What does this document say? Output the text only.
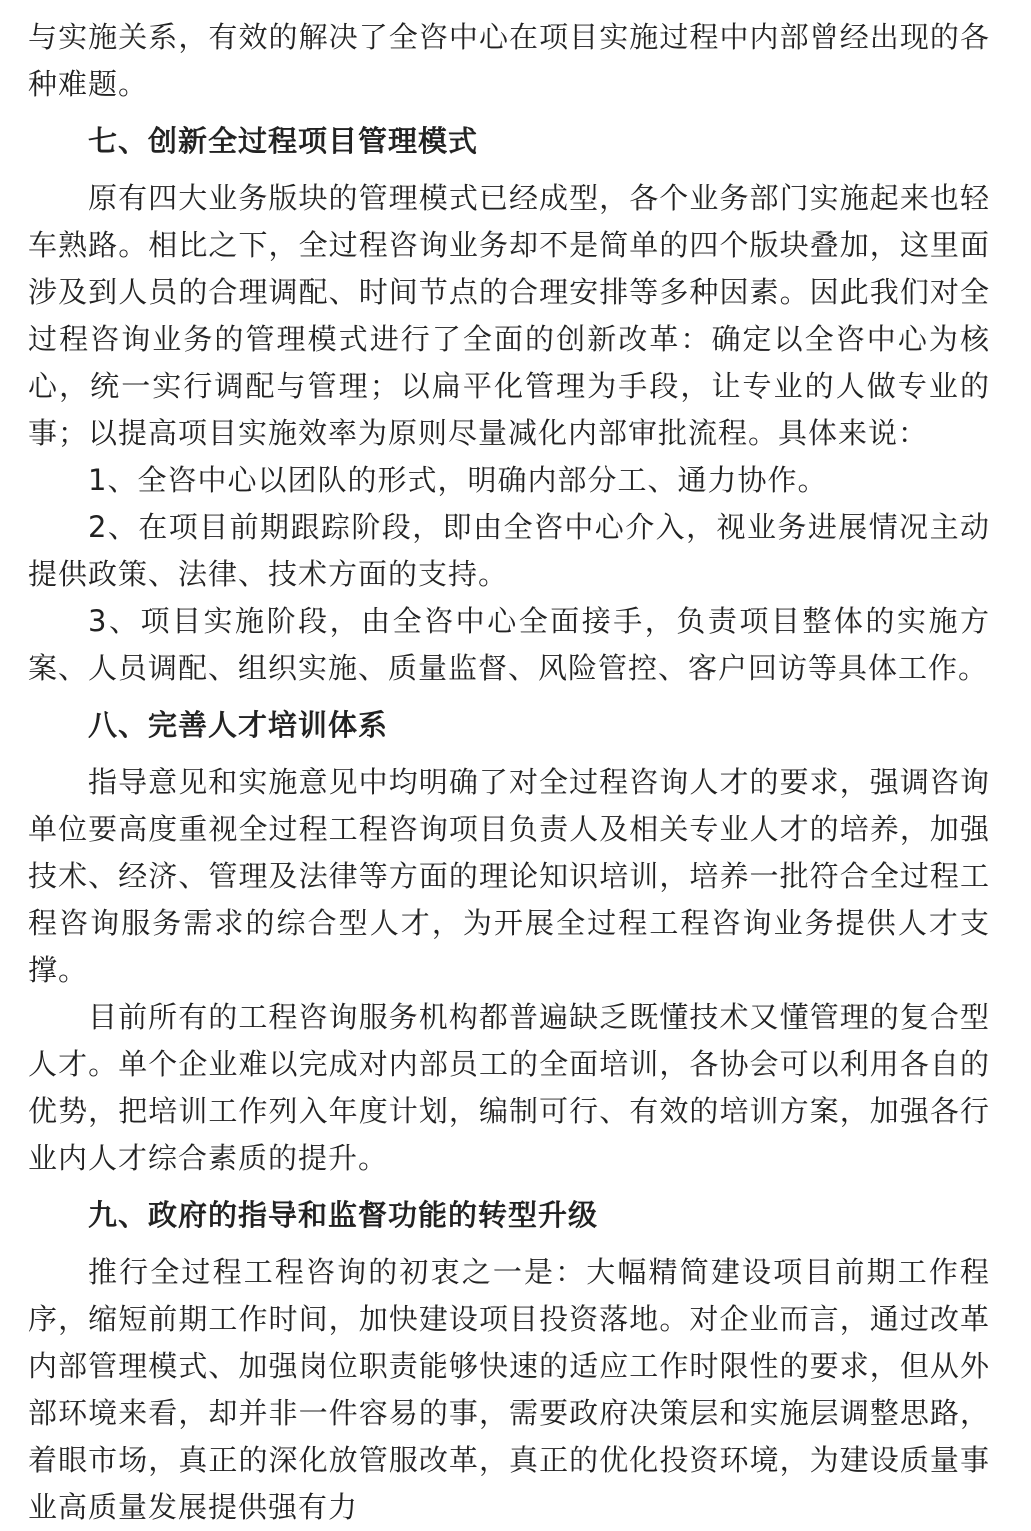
与实施关系，有效的解决了全咨中心在项目实施过程中内部曾经出现的各种难题。

七、创新全过程项目管理模式

原有四大业务版块的管理模式已经成型，各个业务部门实施起来也轻车熟路。相比之下，全过程咨询业务却不是简单的四个版块叠加，这里面涉及到人员的合理调配、时间节点的合理安排等多种因素。因此我们对全过程咨询业务的管理模式进行了全面的创新改革：确定以全咨中心为核心，统一实行调配与管理；以扁平化管理为手段，让专业的人做专业的事；以提高项目实施效率为原则尽量减化内部审批流程。具体来说：

1、全咨中心以团队的形式，明确内部分工、通力协作。

2、在项目前期跟踪阶段，即由全咨中心介入，视业务进展情况主动提供政策、法律、技术方面的支持。

3、项目实施阶段，由全咨中心全面接手，负责项目整体的实施方案、人员调配、组织实施、质量监督、风险管控、客户回访等具体工作。

八、完善人才培训体系

指导意见和实施意见中均明确了对全过程咨询人才的要求，强调咨询单位要高度重视全过程工程咨询项目负责人及相关专业人才的培养，加强技术、经济、管理及法律等方面的理论知识培训，培养一批符合全过程工程咨询服务需求的综合型人才，为开展全过程工程咨询业务提供人才支撑。

目前所有的工程咨询服务机构都普遍缺乏既懂技术又懂管理的复合型人才。单个企业难以完成对内部员工的全面培训，各协会可以利用各自的优势，把培训工作列入年度计划，编制可行、有效的培训方案，加强各行业内人才综合素质的提升。

九、政府的指导和监督功能的转型升级

推行全过程工程咨询的初衷之一是：大幅精简建设项目前期工作程序，缩短前期工作时间，加快建设项目投资落地。对企业而言，通过改革内部管理模式、加强岗位职责能够快速的适应工作时限性的要求，但从外部环境来看，却并非一件容易的事，需要政府决策层和实施层调整思路，着眼市场，真正的深化放管服改革，真正的优化投资环境，为建设质量事业高质量发展提供强有力
